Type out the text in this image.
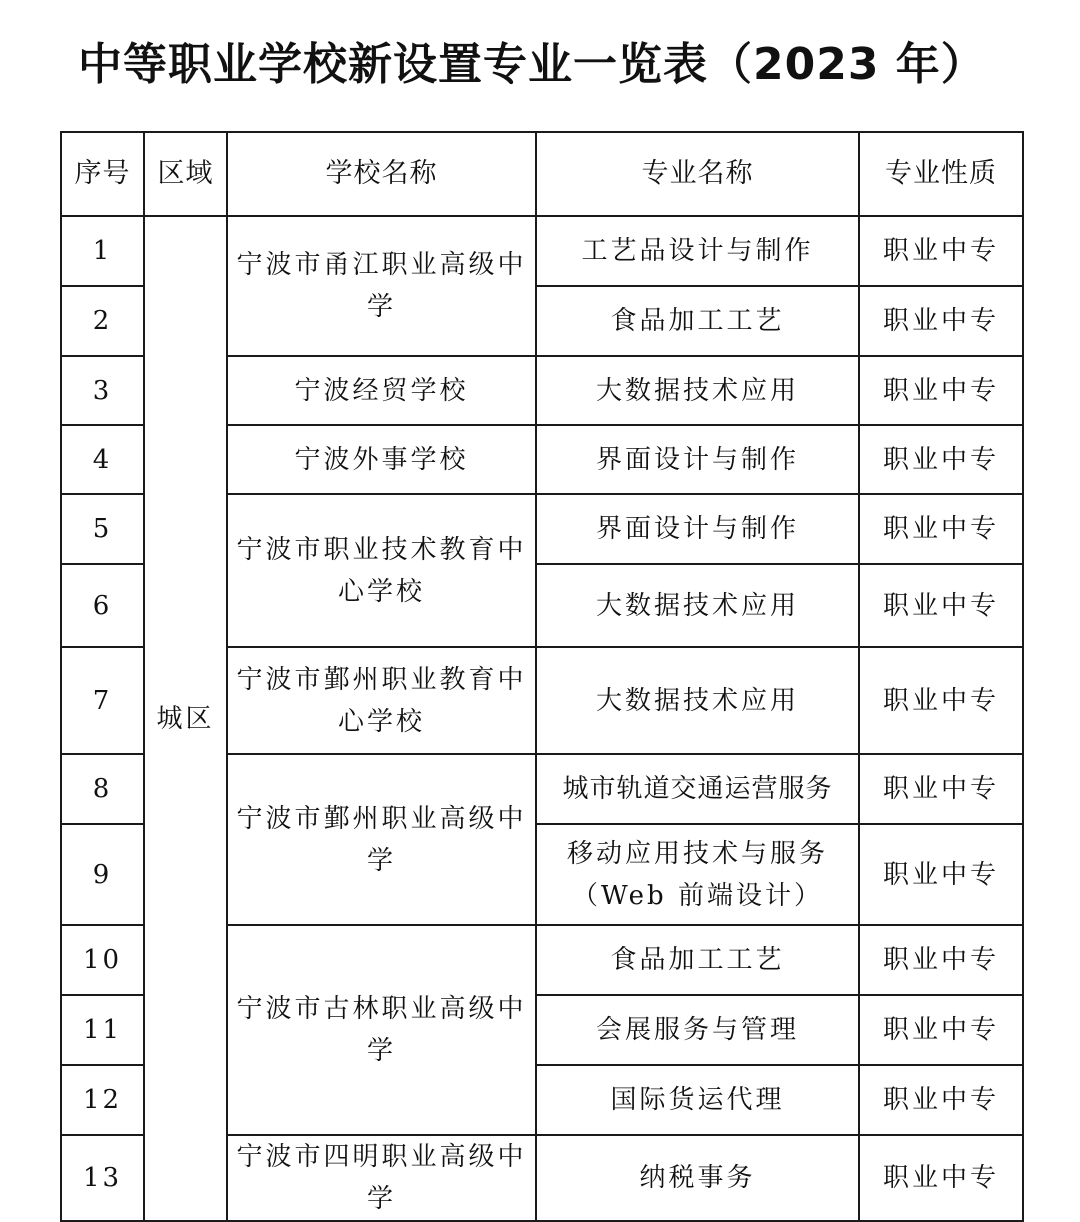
中等职业学校新设置专业一览表（2023 年）
序号	区域	学校名称	专业名称	专业性质
1	城区	宁波市甬江职业高级中学	工艺品设计与制作	职业中专
2			食品加工工艺	职业中专
3		宁波经贸学校	大数据技术应用	职业中专
4		宁波外事学校	界面设计与制作	职业中专
5		宁波市职业技术教育中心学校	界面设计与制作	职业中专
6			大数据技术应用	职业中专
7		宁波市鄞州职业教育中心学校	大数据技术应用	职业中专
8		宁波市鄞州职业高级中学	城市轨道交通运营服务	职业中专
9			移动应用技术与服务（Web 前端设计）	职业中专
10		宁波市古林职业高级中学	食品加工工艺	职业中专
11			会展服务与管理	职业中专
12			国际货运代理	职业中专
13		宁波市四明职业高级中学	纳税事务	职业中专
